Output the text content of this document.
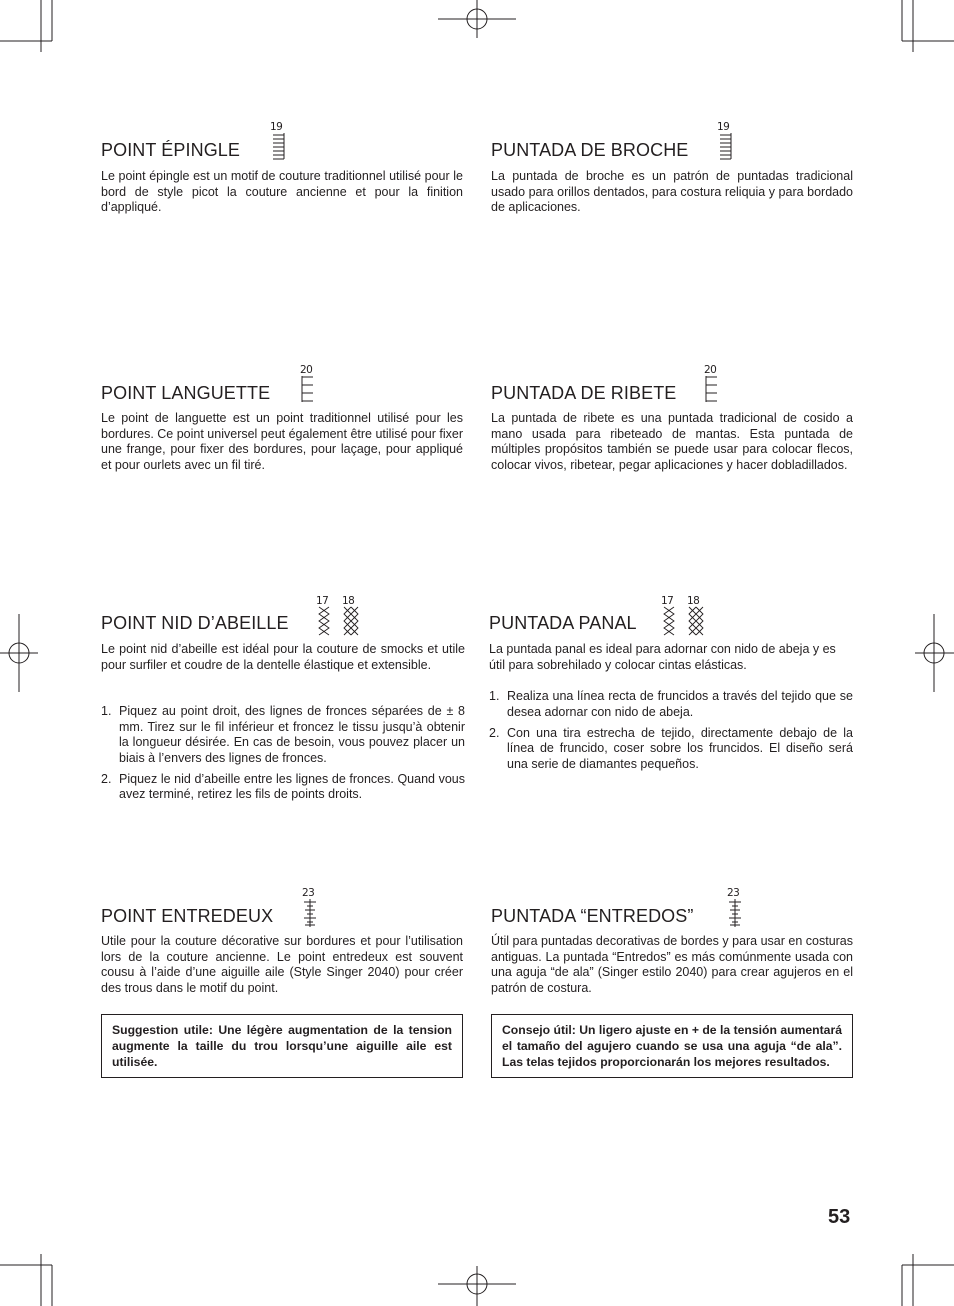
POINT ÉPINGLE
19

Le point épingle est un motif de couture traditionnel utilisé pour le bord de style picot la couture ancienne et pour la finition d’appliqué.

PUNTADA DE BROCHE
19

La puntada de broche es un patrón de puntadas tradicional usado para orillos dentados, para costura reliquia y para bordado de aplicaciones.

POINT LANGUETTE
20

Le point de languette est un point traditionnel utilisé pour les bordures. Ce point universel peut également être utilisé pour fixer une frange, pour fixer des bordures, pour laçage, pour appliqué et pour ourlets avec un fil tiré.

PUNTADA DE RIBETE
20

La puntada de ribete es una puntada tradicional de cosido a mano usada para ribeteado de mantas. Esta puntada de múltiples propósitos también se puede usar para colocar flecos, colocar vivos, ribetear, pegar aplicaciones y hacer dobladillados.

POINT NID D’ABEILLE
17 18

Le point nid d’abeille est idéal pour la couture de smocks et utile pour surfiler et coudre de la dentelle élastique et extensible.

1. Piquez au point droit, des lignes de fronces séparées de ± 8 mm. Tirez sur le fil inférieur et froncez le tissu jusqu’à obtenir la longueur désirée. En cas de besoin, vous pouvez placer un biais à l’envers des lignes de fronces.
2. Piquez le nid d’abeille entre les lignes de fronces. Quand vous avez terminé, retirez les fils de points droits.
PUNTADA PANAL
17 18

La puntada panal es ideal para adornar con nido de abeja y es útil para sobrehilado y colocar cintas elásticas.

1. Realiza una línea recta de fruncidos a través del tejido que se desea adornar con nido de abeja.
2. Con una tira estrecha de tejido, directamente debajo de la línea de fruncido, coser sobre los fruncidos. El diseño será una serie de diamantes pequeños.
POINT ENTREDEUX
23

Utile pour la couture décorative sur bordures et pour l’utilisation lors de la couture ancienne. Le point entredeux est souvent cousu à l’aide d’une aiguille aile (Style Singer 2040) pour créer des trous dans le motif du point.

Suggestion utile: Une légère augmentation de la tension augmente la taille du trou lorsqu’une aiguille aile est utilisée.
PUNTADA “ENTREDOS”
23

Útil para puntadas decorativas de bordes y para usar en costuras antiguas. La puntada “Entredos” es más comúnmente usada con una aguja “de ala” (Singer estilo 2040) para crear agujeros en el patrón de costura.

Consejo útil: Un ligero ajuste en + de la tensión aumentará el tamaño del agujero cuando se usa una aguja “de ala”. Las telas tejidos proporcionarán los mejores resultados.
53
